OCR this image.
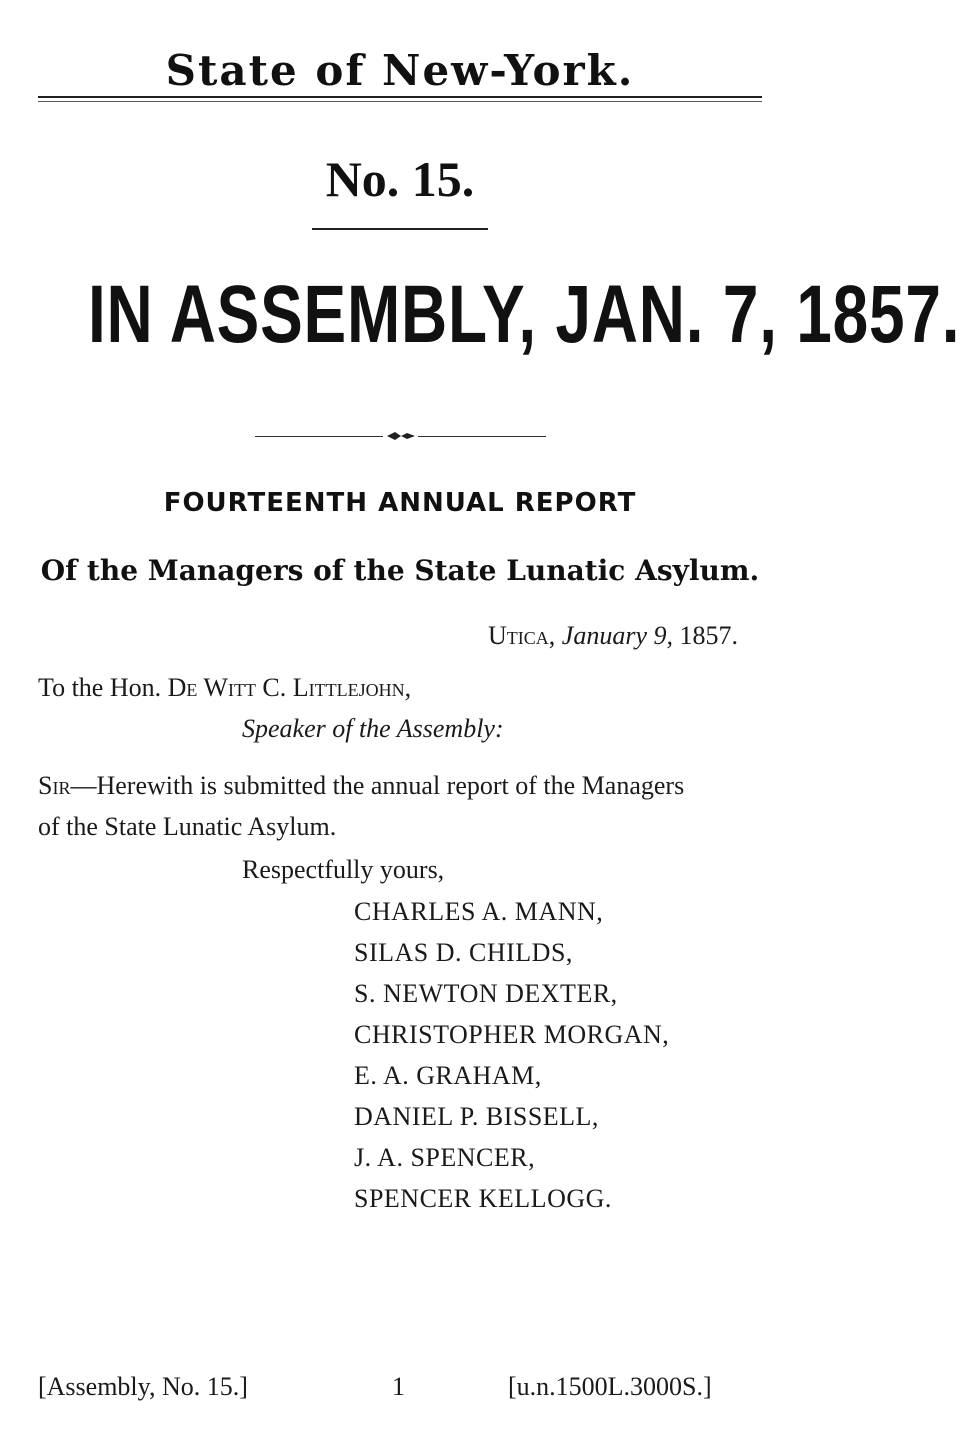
State of New-York.
No. 15.
IN ASSEMBLY, JAN. 7, 1857.
FOURTEENTH ANNUAL REPORT
Of the Managers of the State Lunatic Asylum.
Utica, January 9, 1857.
To the Hon. De Witt C. Littlejohn,
Speaker of the Assembly:
Sir—Herewith is submitted the annual report of the Managers
of the State Lunatic Asylum.
Respectfully yours,
CHARLES A. MANN,
SILAS D. CHILDS,
S. NEWTON DEXTER,
CHRISTOPHER MORGAN,
E. A. GRAHAM,
DANIEL P. BISSELL,
J. A. SPENCER,
SPENCER KELLOGG.
[Assembly, No. 15.]	1	[u.n.1500L.3000S.]
